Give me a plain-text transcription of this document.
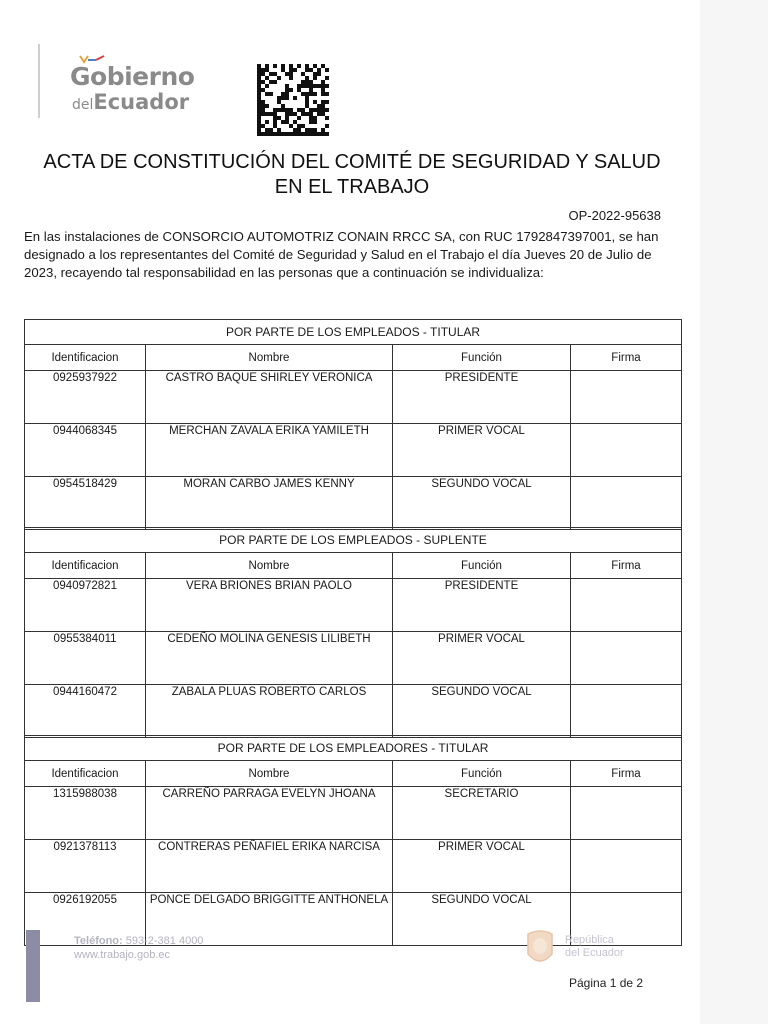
Gobierno
delEcuador
ACTA DE CONSTITUCIÓN DEL COMITÉ DE SEGURIDAD Y SALUD
EN EL TRABAJO
OP-2022-95638
En las instalaciones de CONSORCIO AUTOMOTRIZ CONAIN RRCC SA, con RUC 1792847397001, se han designado a los representantes del Comité de Seguridad y Salud en el Trabajo el día Jueves 20 de Julio de 2023, recayendo tal responsabilidad en las personas que a continuación se individualiza:
POR PARTE DE LOS EMPLEADOS - TITULAR
Identificacion	Nombre	Función	Firma
0925937922	CASTRO BAQUE SHIRLEY VERONICA	PRESIDENTE	
0944068345	MERCHAN ZAVALA ERIKA YAMILETH	PRIMER VOCAL	
0954518429	MORAN CARBO JAMES KENNY	SEGUNDO VOCAL	
POR PARTE DE LOS EMPLEADOS - SUPLENTE
Identificacion	Nombre	Función	Firma
0940972821	VERA BRIONES BRIAN PAOLO	PRESIDENTE	
0955384011	CEDEÑO MOLINA GENESIS LILIBETH	PRIMER VOCAL	
0944160472	ZABALA PLUAS ROBERTO CARLOS	SEGUNDO VOCAL	
POR PARTE DE LOS EMPLEADORES - TITULAR
Identificacion	Nombre	Función	Firma
1315988038	CARREÑO PARRAGA EVELYN JHOANA	SECRETARIO	
0921378113	CONTRERAS PEÑAFIEL ERIKA NARCISA	PRIMER VOCAL	
0926192055	PONCE DELGADO BRIGGITTE ANTHONELA	SEGUNDO VOCAL	
Teléfono: 593-2-381 4000
www.trabajo.gob.ec
República
del Ecuador
Página 1 de 2
